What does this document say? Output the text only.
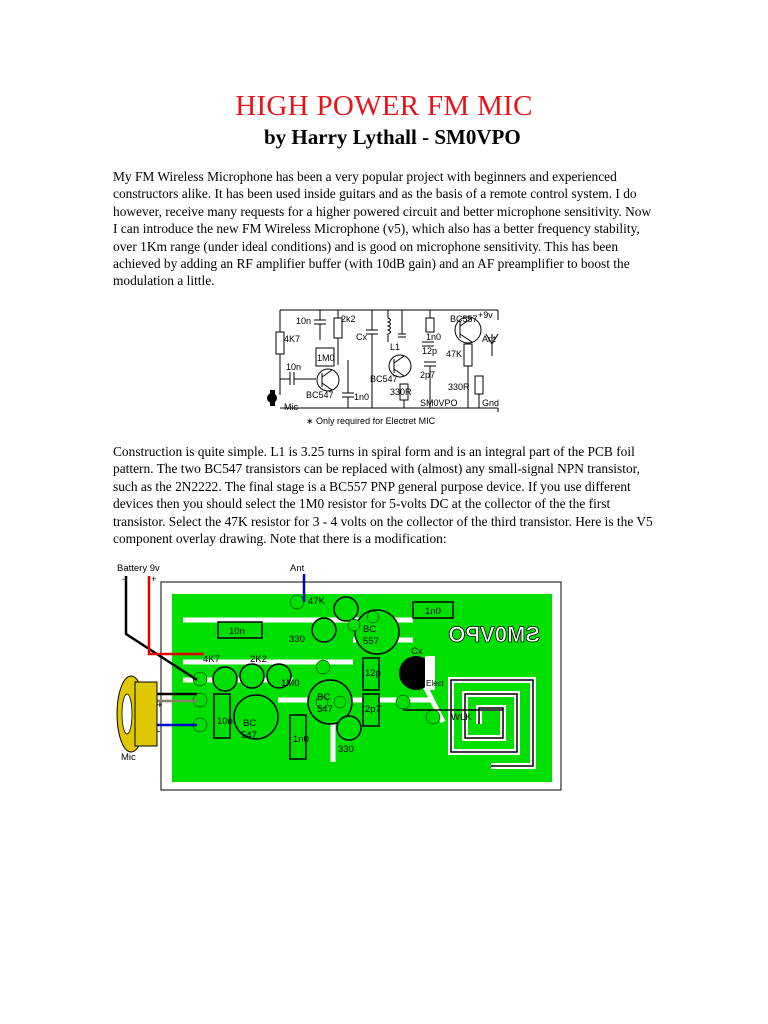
HIGH POWER FM MIC
by Harry Lythall - SM0VPO

My FM Wireless Microphone has been a very popular project with beginners and experienced constructors alike. It has been used inside guitars and as the basis of a remote control system. I do however, receive many requests for a higher powered circuit and better microphone sensitivity. Now I can introduce the new FM Wireless Microphone (v5), which also has a better frequency stability, over 1Km range (under ideal conditions) and is good on microphone sensitivity. This has been achieved by adding an RF amplifier buffer (with 10dB gain) and an AF preamplifier to boost the modulation a little.

10n	2k2
4K7
1M0
10n
BC547
Mic
1n0
Cx
L1
1n0
12p
BC547 2p7
330R
BC557 +9v
47K
Ant
330R
Gnd
SM0VPO
∗ Only required for Electret MIC

Construction is quite simple. L1 is 3.25 turns in spiral form and is an integral part of the PCB foil pattern. The two BC547 transistors can be replaced with (almost) any small-signal NPN transistor, such as the 2N2222. The final stage is a BC557 PNP general purpose device. If you use different devices then you should select the 1M0 resistor for 5-volts DC at the collector of the the first transistor. Select the 47K resistor for 3 - 4 volts on the collector of the third transistor. Here is the V5 component overlay drawing. Note that there is a modification:

SM0VPO
Battery 9v
-	+
Ant
47K
1n0
10n
330
BC
557
4K7	2K2
1M0
12p
Cx
Elect
BC
547
BC
547
10n
1n0
2p7
WLK
330
Mic
+
-
